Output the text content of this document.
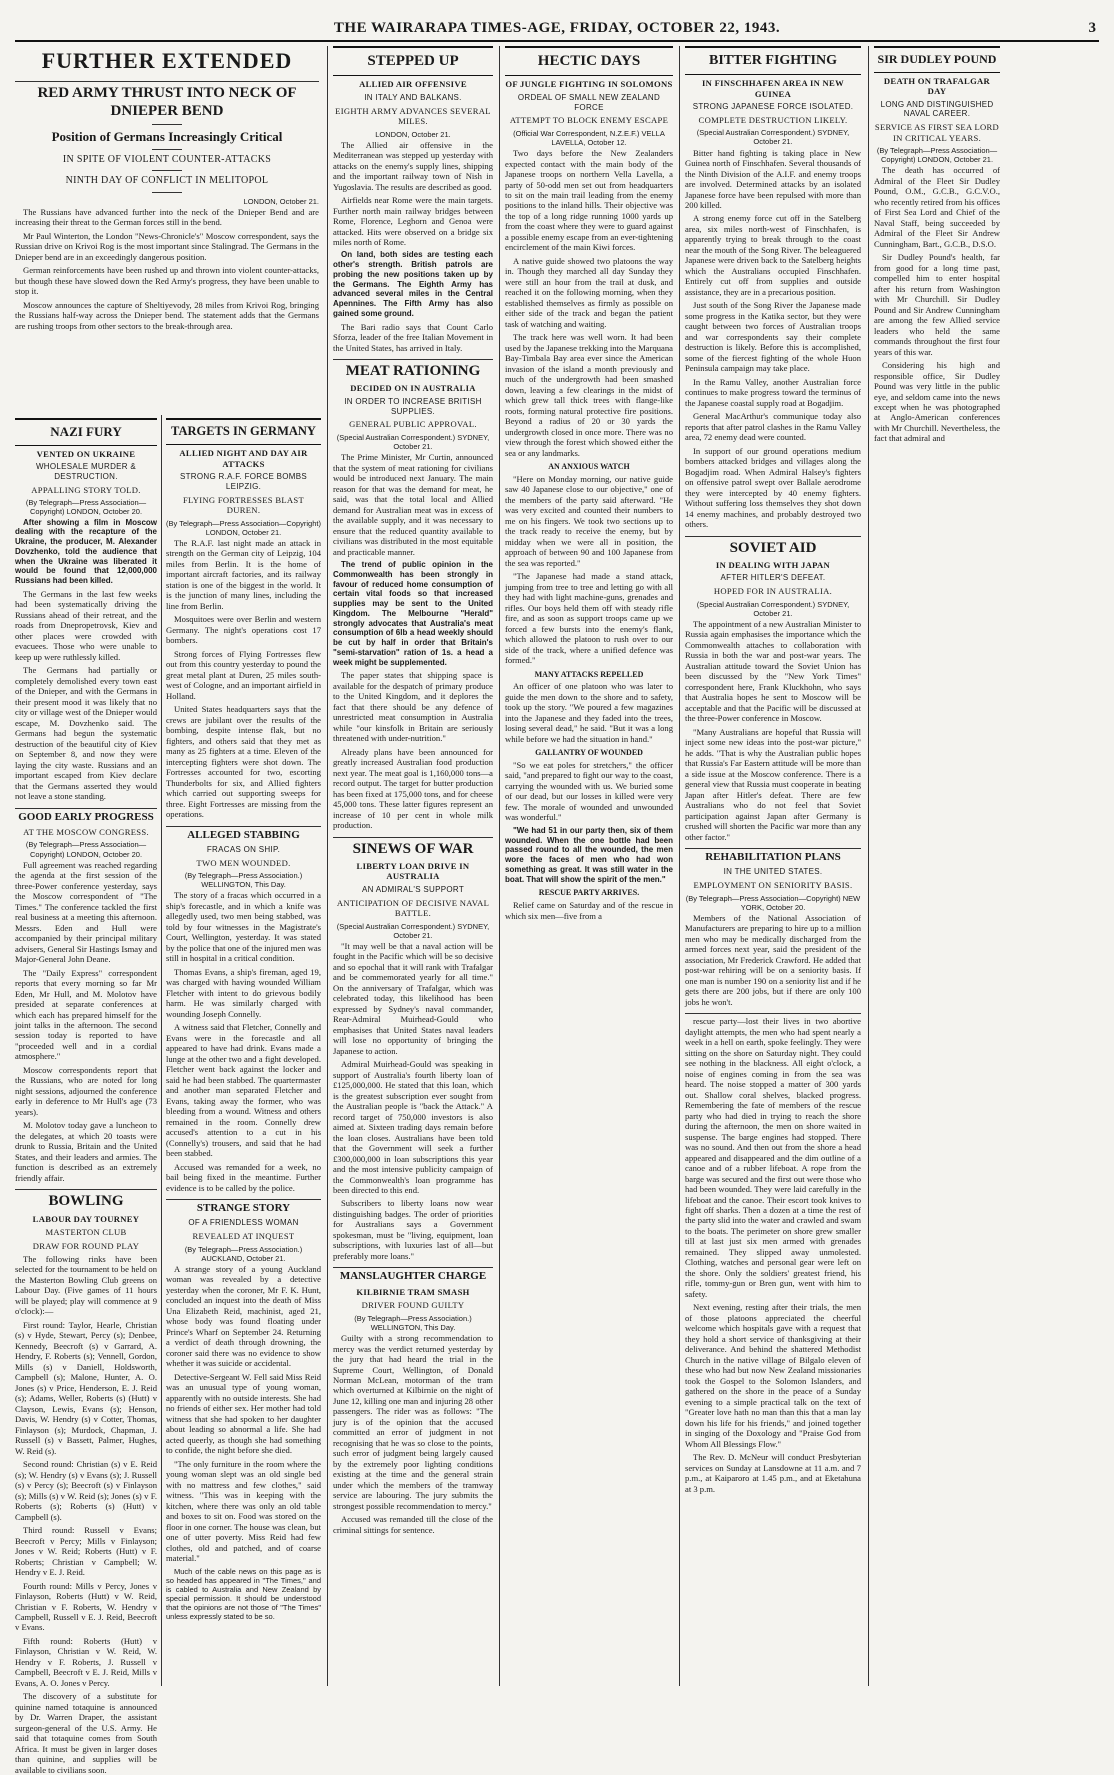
THE WAIRARAPA TIMES-AGE, FRIDAY, OCTOBER 22, 1943.	3
FURTHER EXTENDED
RED ARMY THRUST INTO NECK OF DNIEPER BEND
Position of Germans Increasingly Critical
IN SPITE OF VIOLENT COUNTER-ATTACKS
NINTH DAY OF CONFLICT IN MELITOPOL
LONDON, October 21.

The Russians have advanced further into the neck of the Dnieper Bend and are increasing their threat to the German forces still in the bend.

Mr Paul Winterton, the London "News-Chronicle's" Moscow correspondent, says the Russian drive on Krivoi Rog is the most important since Stalingrad. The Germans in the Dnieper bend are in an exceedingly dangerous position.

German reinforcements have been rushed up and thrown into violent counter-attacks, but though these have slowed down the Red Army's progress, they have been unable to stop it.

Moscow announces the capture of Sheltiyevody, 28 miles from Krivoi Rog, bringing the Russians half-way across the Dnieper bend. The statement adds that the Germans are rushing troops from other sectors to the break-through area.

NAZI FURY
VENTED ON UKRAINE
WHOLESALE MURDER & DESTRUCTION.
APPALLING STORY TOLD.
(By Telegraph—Press Association—Copyright) LONDON, October 20.

After showing a film in Moscow dealing with the recapture of the Ukraine, the producer, M. Alexander Dovzhenko, told the audience that when the Ukraine was liberated it would be found that 12,000,000 Russians had been killed.

The Germans in the last few weeks had been systematically driving the Russians ahead of their retreat, and the roads from Dnepropetrovsk, Kiev and other places were crowded with evacuees. Those who were unable to keep up were ruthlessly killed.

The Germans had partially or completely demolished every town east of the Dnieper, and with the Germans in their present mood it was likely that no city or village west of the Dnieper would escape, M. Dovzhenko said. The Germans had begun the systematic destruction of the beautiful city of Kiev on September 8, and now they were laying the city waste. Russians and an important escaped from Kiev declare that the Germans asserted they would not leave a stone standing.

GOOD EARLY PROGRESS
AT THE MOSCOW CONGRESS.
(By Telegraph—Press Association—Copyright) LONDON, October 20.

Full agreement was reached regarding the agenda at the first session of the three-Power conference yesterday, says the Moscow correspondent of "The Times." The conference tackled the first real business at a meeting this afternoon. Messrs. Eden and Hull were accompanied by their principal military advisers, General Sir Hastings Ismay and Major-General John Deane.

The "Daily Express" correspondent reports that every morning so far Mr Eden, Mr Hull, and M. Molotov have presided at separate conferences at which each has prepared himself for the joint talks in the afternoon. The second session today is reported to have "proceeded well and in a cordial atmosphere."

Moscow correspondents report that the Russians, who are noted for long night sessions, adjourned the conference early in deference to Mr Hull's age (73 years).

M. Molotov today gave a luncheon to the delegates, at which 20 toasts were drunk to Russia, Britain and the United States, and their leaders and armies. The function is described as an extremely friendly affair.

BOWLING
LABOUR DAY TOURNEY
MASTERTON CLUB
DRAW FOR ROUND PLAY

The following rinks have been selected for the tournament to be held on the Masterton Bowling Club greens on Labour Day. (Five games of 11 hours will be played; play will commence at 9 o'clock):—

First round: Taylor, Hearle, Christian (s) v Hyde, Stewart, Percy (s); Denbee, Kennedy, Beecroft (s) v Garrard, A. Hendry, F. Roberts (s); Vennell, Gordon, Mills (s) v Daniell, Holdsworth, Campbell (s); Malone, Hunter, A. O. Jones (s) v Price, Henderson, E. J. Reid (s); Adams, Weller, Roberts (s) (Hutt) v Clayson, Lewis, Evans (s); Henson, Davis, W. Hendry (s) v Cotter, Thomas, Finlayson (s); Murdock, Chapman, J. Russell (s) v Bassett, Palmer, Hughes, W. Reid (s).

Second round: Christian (s) v E. Reid (s); W. Hendry (s) v Evans (s); J. Russell (s) v Percy (s); Beecroft (s) v Finlayson (s); Mills (s) v W. Reid (s); Jones (s) v F. Roberts (s); Roberts (s) (Hutt) v Campbell (s).

Third round: Russell v Evans; Beecroft v Percy; Mills v Finlayson; Jones v W. Reid; Roberts (Hutt) v F. Roberts; Christian v Campbell; W. Hendry v E. J. Reid.

Fourth round: Mills v Percy, Jones v Finlayson, Roberts (Hutt) v W. Reid, Christian v F. Roberts, W. Hendry v Campbell, Russell v E. J. Reid, Beecroft v Evans.

Fifth round: Roberts (Hutt) v Finlayson, Christian v W. Reid, W. Hendry v F. Roberts, J. Russell v Campbell, Beecroft v E. J. Reid, Mills v Evans, A. O. Jones v Percy.

The discovery of a substitute for quinine named totaquine is announced by Dr. Warren Draper, the assistant surgeon-general of the U.S. Army. He said that totaquine comes from South Africa. It must be given in larger doses than quinine, and supplies will be available to civilians soon.

TARGETS IN GERMANY
ALLIED NIGHT AND DAY AIR ATTACKS
STRONG R.A.F. FORCE BOMBS LEIPZIG.
FLYING FORTRESSES BLAST DUREN.
(By Telegraph—Press Association—Copyright) LONDON, October 21.

The R.A.F. last night made an attack in strength on the German city of Leipzig, 104 miles from Berlin. It is the home of important aircraft factories, and its railway station is one of the biggest in the world. It is the junction of many lines, including the line from Berlin.

Mosquitoes were over Berlin and western Germany. The night's operations cost 17 bombers.

Strong forces of Flying Fortresses flew out from this country yesterday to pound the great metal plant at Duren, 25 miles south-west of Cologne, and an important airfield in Holland.

United States headquarters says that the crews are jubilant over the results of the bombing, despite intense flak, but no fighters, and others said that they met as many as 25 fighters at a time. Eleven of the intercepting fighters were shot down. The Fortresses accounted for two, escorting Thunderbolts for six, and Allied fighters which carried out supporting sweeps for three. Eight Fortresses are missing from the operations.

ALLEGED STABBING
FRACAS ON SHIP.
TWO MEN WOUNDED.
(By Telegraph—Press Association.) WELLINGTON, This Day.

The story of a fracas which occurred in a ship's forecastle, and in which a knife was allegedly used, two men being stabbed, was told by four witnesses in the Magistrate's Court, Wellington, yesterday. It was stated by the police that one of the injured men was still in hospital in a critical condition.

Thomas Evans, a ship's fireman, aged 19, was charged with having wounded William Fletcher with intent to do grievous bodily harm. He was similarly charged with wounding Joseph Connelly.

A witness said that Fletcher, Connelly and Evans were in the forecastle and all appeared to have had drink. Evans made a lunge at the other two and a fight developed. Fletcher went back against the locker and said he had been stabbed. The quartermaster and another man separated Fletcher and Evans, taking away the former, who was bleeding from a wound. Witness and others remained in the room. Connelly drew accused's attention to a cut in his (Connelly's) trousers, and said that he had been stabbed.

Accused was remanded for a week, no bail being fixed in the meantime. Further evidence is to be called by the police.

STRANGE STORY
OF A FRIENDLESS WOMAN
REVEALED AT INQUEST
(By Telegraph—Press Association.) AUCKLAND, October 21.

A strange story of a young Auckland woman was revealed by a detective yesterday when the coroner, Mr F. K. Hunt, concluded an inquest into the death of Miss Una Elizabeth Reid, machinist, aged 21, whose body was found floating under Prince's Wharf on September 24. Returning a verdict of death through drowning, the coroner said there was no evidence to show whether it was suicide or accidental.

Detective-Sergeant W. Fell said Miss Reid was an unusual type of young woman, apparently with no outside interests. She had no friends of either sex. Her mother had told witness that she had spoken to her daughter about leading so abnormal a life. She had acted queerly, as though she had something to confide, the night before she died.

"The only furniture in the room where the young woman slept was an old single bed with no mattress and few clothes," said witness. "This was in keeping with the kitchen, where there was only an old table and boxes to sit on. Food was stored on the floor in one corner. The house was clean, but one of utter poverty. Miss Reid had few clothes, old and patched, and of coarse material."

Much of the cable news on this page as is so headed has appeared in "The Times," and is cabled to Australia and New Zealand by special permission. It should be understood that the opinions are not those of "The Times" unless expressly stated to be so.

STEPPED UP
ALLIED AIR OFFENSIVE
IN ITALY AND BALKANS.
EIGHTH ARMY ADVANCES SEVERAL MILES.
LONDON, October 21.

The Allied air offensive in the Mediterranean was stepped up yesterday with attacks on the enemy's supply lines, shipping and the important railway town of Nish in Yugoslavia. The results are described as good.

Airfields near Rome were the main targets. Further north main railway bridges between Rome, Florence, Leghorn and Genoa were attacked. Hits were observed on a bridge six miles north of Rome.

On land, both sides are testing each other's strength. British patrols are probing the new positions taken up by the Germans. The Eighth Army has advanced several miles in the Central Apennines. The Fifth Army has also gained some ground.

The Bari radio says that Count Carlo Sforza, leader of the free Italian Movement in the United States, has arrived in Italy.

MEAT RATIONING
DECIDED ON IN AUSTRALIA
IN ORDER TO INCREASE BRITISH SUPPLIES.
GENERAL PUBLIC APPROVAL.
(Special Australian Correspondent.) SYDNEY, October 21.

The Prime Minister, Mr Curtin, announced that the system of meat rationing for civilians would be introduced next January. The main reason for that was the demand for meat, he said, was that the total local and Allied demand for Australian meat was in excess of the available supply, and it was necessary to ensure that the reduced quantity available to civilians was distributed in the most equitable and practicable manner.

The trend of public opinion in the Commonwealth has been strongly in favour of reduced home consumption of certain vital foods so that increased supplies may be sent to the United Kingdom. The Melbourne "Herald" strongly advocates that Australia's meat consumption of 6lb a head weekly should be cut by half in order that Britain's "semi-starvation" ration of 1s. a head a week might be supplemented.

The paper states that shipping space is available for the despatch of primary produce to the United Kingdom, and it deplores the fact that there should be any defence of unrestricted meat consumption in Australia while "our kinsfolk in Britain are seriously threatened with under-nutrition."

Already plans have been announced for greatly increased Australian food production next year. The meat goal is 1,160,000 tons—a record output. The target for butter production has been fixed at 175,000 tons, and for cheese 45,000 tons. These latter figures represent an increase of 10 per cent in whole milk production.

SINEWS OF WAR
LIBERTY LOAN DRIVE IN AUSTRALIA
AN ADMIRAL'S SUPPORT
ANTICIPATION OF DECISIVE NAVAL BATTLE.
(Special Australian Correspondent.) SYDNEY, October 21.

"It may well be that a naval action will be fought in the Pacific which will be so decisive and so epochal that it will rank with Trafalgar and be commemorated yearly for all time." On the anniversary of Trafalgar, which was celebrated today, this likelihood has been expressed by Sydney's naval commander, Rear-Admiral Muirhead-Gould who emphasises that United States naval leaders will lose no opportunity of bringing the Japanese to action.

Admiral Muirhead-Gould was speaking in support of Australia's fourth liberty loan of £125,000,000. He stated that this loan, which is the greatest subscription ever sought from the Australian people is "back the Attack." A record target of 750,000 investors is also aimed at. Sixteen trading days remain before the loan closes. Australians have been told that the Government will seek a further £300,000,000 in loan subscriptions this year and the most intensive publicity campaign of the Commonwealth's loan programme has been directed to this end.

Subscribers to liberty loans now wear distinguishing badges. The order of priorities for Australians says a Government spokesman, must be "living, equipment, loan subscriptions, with luxuries last of all—but preferably more loans."

MANSLAUGHTER CHARGE
KILBIRNIE TRAM SMASH
DRIVER FOUND GUILTY
(By Telegraph—Press Association.) WELLINGTON, This Day.

Guilty with a strong recommendation to mercy was the verdict returned yesterday by the jury that had heard the trial in the Supreme Court, Wellington, of Donald Norman McLean, motorman of the tram which overturned at Kilbirnie on the night of June 12, killing one man and injuring 28 other passengers. The rider was as follows: "The jury is of the opinion that the accused committed an error of judgment in not recognising that he was so close to the points, such error of judgment being largely caused by the extremely poor lighting conditions existing at the time and the general strain under which the members of the tramway service are labouring. The jury submits the strongest possible recommendation to mercy."

Accused was remanded till the close of the criminal sittings for sentence.

HECTIC DAYS
OF JUNGLE FIGHTING IN SOLOMONS
ORDEAL OF SMALL NEW ZEALAND FORCE
ATTEMPT TO BLOCK ENEMY ESCAPE
(Official War Correspondent, N.Z.E.F.) VELLA LAVELLA, October 12.

Two days before the New Zealanders expected contact with the main body of the Japanese troops on northern Vella Lavella, a party of 50-odd men set out from headquarters to sit on the main trail leading from the enemy positions to the inland hills. Their objective was the top of a long ridge running 1000 yards up from the coast where they were to guard against a possible enemy escape from an ever-tightening encirclement of the main Kiwi forces.

A native guide showed two platoons the way in. Though they marched all day Sunday they were still an hour from the trail at dusk, and reached it on the following morning, when they established themselves as firmly as possible on either side of the track and began the patient task of watching and waiting.

The track here was well worn. It had been used by the Japanese trekking into the Marquana Bay-Timbala Bay area ever since the American invasion of the island a month previously and much of the undergrowth had been smashed down, leaving a few clearings in the midst of which grew tall thick trees with flange-like roots, forming natural protective fire positions. Beyond a radius of 20 or 30 yards the undergrowth closed in once more. There was no view through the forest which showed either the sea or any landmarks.

AN ANXIOUS WATCH

"Here on Monday morning, our native guide saw 40 Japanese close to our objective," one of the members of the party said afterward. "He was very excited and counted their numbers to me on his fingers. We took two sections up to the track ready to receive the enemy, but by midday when we were all in position, the approach of between 90 and 100 Japanese from the sea was reported."

"The Japanese had made a stand attack, jumping from tree to tree and letting go with all they had with light machine-guns, grenades and rifles. Our boys held them off with steady rifle fire, and as soon as support troops came up we forced a few bursts into the enemy's flank, which allowed the platoon to rush over to our side of the track, where a unified defence was formed."

MANY ATTACKS REPELLED

An officer of one platoon who was later to guide the men down to the shore and to safety, took up the story. "We poured a few magazines into the Japanese and they faded into the trees, losing several dead," he said. "But it was a long while before we had the situation in hand."

GALLANTRY OF WOUNDED

"So we eat poles for stretchers," the officer said, "and prepared to fight our way to the coast, carrying the wounded with us. We buried some of our dead, but our losses in killed were very few. The morale of wounded and unwounded was wonderful."

"We had 51 in our party then, six of them wounded. When the one bottle had been passed round to all the wounded, the men wore the faces of men who had won something as great. It was still water in the boat. That will show the spirit of the men."

RESCUE PARTY ARRIVES.

Relief came on Saturday and of the rescue in which six men—five from a

BITTER FIGHTING
IN FINSCHHAFEN AREA IN NEW GUINEA
STRONG JAPANESE FORCE ISOLATED.
COMPLETE DESTRUCTION LIKELY.
(Special Australian Correspondent.) SYDNEY, October 21.

Bitter hand fighting is taking place in New Guinea north of Finschhafen. Several thousands of the Ninth Division of the A.I.F. and enemy troops are involved. Determined attacks by an isolated Japanese force have been repulsed with more than 200 killed.

A strong enemy force cut off in the Satelberg area, six miles north-west of Finschhafen, is apparently trying to break through to the coast near the mouth of the Song River. The beleaguered Japanese were driven back to the Satelberg heights which the Australians occupied Finschhafen. Entirely cut off from supplies and outside assistance, they are in a precarious position.

Just south of the Song River the Japanese made some progress in the Katika sector, but they were caught between two forces of Australian troops and war correspondents say their complete destruction is likely. Before this is accomplished, some of the fiercest fighting of the whole Huon Peninsula campaign may take place.

In the Ramu Valley, another Australian force continues to make progress toward the terminus of the Japanese coastal supply road at Bogadjim.

General MacArthur's communique today also reports that after patrol clashes in the Ramu Valley area, 72 enemy dead were counted.

In support of our ground operations medium bombers attacked bridges and villages along the Bogadjim road. When Admiral Halsey's fighters on offensive patrol swept over Ballale aerodrome they were intercepted by 40 enemy fighters. Without suffering loss themselves they shot down 14 enemy machines, and probably destroyed two others.

SOVIET AID
IN DEALING WITH JAPAN
AFTER HITLER'S DEFEAT.
HOPED FOR IN AUSTRALIA.
(Special Australian Correspondent.) SYDNEY, October 21.

The appointment of a new Australian Minister to Russia again emphasises the importance which the Commonwealth attaches to collaboration with Russia in both the war and post-war years. The Australian attitude toward the Soviet Union has been discussed by the "New York Times" correspondent here, Frank Kluckhohn, who says that Australia hopes he sent to Moscow will be acceptable and that the Pacific will be discussed at the three-Power conference in Moscow.

"Many Australians are hopeful that Russia will inject some new ideas into the post-war picture," he adds. "That is why the Australian public hopes that Russia's Far Eastern attitude will be more than a side issue at the Moscow conference. There is a general view that Russia must cooperate in beating Japan after Hitler's defeat. There are few Australians who do not feel that Soviet participation against Japan after Germany is crushed will shorten the Pacific war more than any other factor."

REHABILITATION PLANS
IN THE UNITED STATES.
EMPLOYMENT ON SENIORITY BASIS.
(By Telegraph—Press Association—Copyright) NEW YORK, October 20.

Members of the National Association of Manufacturers are preparing to hire up to a million men who may be medically discharged from the armed forces next year, said the president of the association, Mr Frederick Crawford. He added that post-war rehiring will be on a seniority basis. If one man is number 190 on a seniority list and if he gets there are 200 jobs, but if there are only 100 jobs he won't.

rescue party—lost their lives in two abortive daylight attempts, the men who had spent nearly a week in a hell on earth, spoke feelingly. They were sitting on the shore on Saturday night. They could see nothing in the blackness. All eight o'clock, a noise of engines coming in from the sea was heard. The noise stopped a matter of 300 yards out. Shallow coral shelves, blacked progress. Remembering the fate of members of the rescue party who had died in trying to reach the shore during the afternoon, the men on shore waited in suspense. The barge engines had stopped. There was no sound. And then out from the shore a head appeared and disappeared and the dim outline of a canoe and of a rubber lifeboat. A rope from the barge was secured and the first out were those who had been wounded. They were laid carefully in the lifeboat and the canoe. Their escort took knives to fight off sharks. Then a dozen at a time the rest of the party slid into the water and crawled and swam to the boats. The perimeter on shore grew smaller till at last just six men armed with grenades remained. They slipped away unmolested. Clothing, watches and personal gear were left on the shore. Only the soldiers' greatest friend, his rifle, tommy-gun or Bren gun, went with him to safety.

Next evening, resting after their trials, the men of those platoons appreciated the cheerful welcome which hospitals gave with a request that they hold a short service of thanksgiving at their deliverance. And behind the shattered Methodist Church in the native village of Bilgalo eleven of these who had but now New Zealand missionaries took the Gospel to the Solomon Islanders, and gathered on the shore in the peace of a Sunday evening to a simple practical talk on the text of "Greater love hath no man than this that a man lay down his life for his friends," and joined together in singing of the Doxology and "Praise God from Whom All Blessings Flow."

The Rev. D. McNeur will conduct Presbyterian services on Sunday at Lansdowne at 11 a.m. and 7 p.m., at Kaiparoro at 1.45 p.m., and at Eketahuna at 3 p.m.

SIR DUDLEY POUND
DEATH ON TRAFALGAR DAY
LONG AND DISTINGUISHED NAVAL CAREER.
SERVICE AS FIRST SEA LORD IN CRITICAL YEARS.
(By Telegraph—Press Association—Copyright) LONDON, October 21.

The death has occurred of Admiral of the Fleet Sir Dudley Pound, O.M., G.C.B., G.C.V.O., who recently retired from his offices of First Sea Lord and Chief of the Naval Staff, being succeeded by Admiral of the Fleet Sir Andrew Cunningham, Bart., G.C.B., D.S.O.

Sir Dudley Pound's health, far from good for a long time past, compelled him to enter hospital after his return from Washington with Mr Churchill. Sir Dudley Pound and Sir Andrew Cunningham are among the few Allied service leaders who held the same commands throughout the first four years of this war.

Considering his high and responsible office, Sir Dudley Pound was very little in the public eye, and seldom came into the news except when he was photographed at Anglo-American conferences with Mr Churchill. Nevertheless, the fact that admiral and
